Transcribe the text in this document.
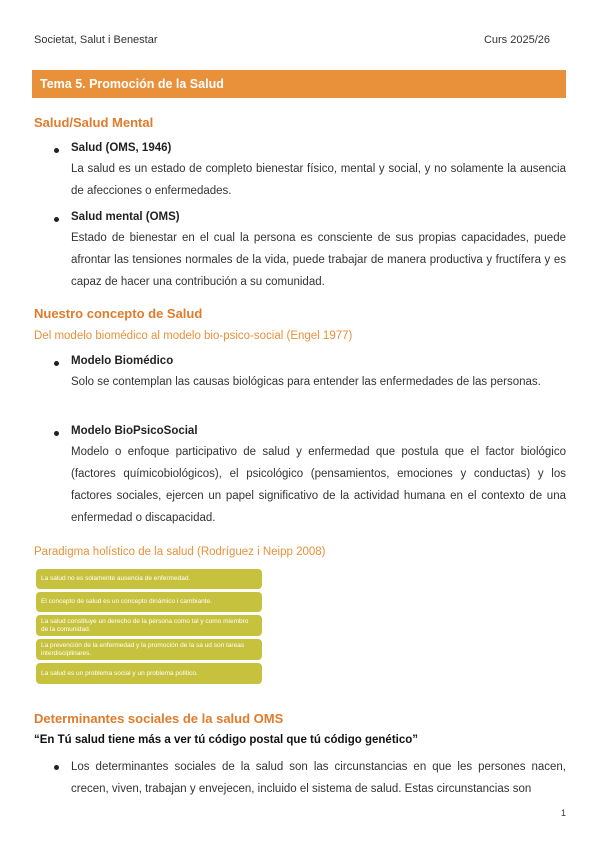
Societat, Salut i Benestar	Curs 2025/26
Tema 5. Promoción de la Salud
Salud/Salud Mental
Salud (OMS, 1946)
La salud es un estado de completo bienestar físico, mental y social, y no solamente la ausencia de afecciones o enfermedades.
Salud mental (OMS)
Estado de bienestar en el cual la persona es consciente de sus propias capacidades, puede afrontar las tensiones normales de la vida, puede trabajar de manera productiva y fructífera y es capaz de hacer una contribución a su comunidad.
Nuestro concepto de Salud
Del modelo biomédico al modelo bio-psico-social (Engel 1977)
Modelo Biomédico
Solo se contemplan las causas biológicas para entender las enfermedades de las personas.
Modelo BioPsicoSocial
Modelo o enfoque participativo de salud y enfermedad que postula que el factor biológico (factores químicobiológicos), el psicológico (pensamientos, emociones y conductas) y los factores sociales, ejercen un papel significativo de la actividad humana en el contexto de una enfermedad o discapacidad.
Paradigma holístico de la salud (Rodríguez i Neipp 2008)
La salud no es solamente ausencia de enfermedad.
El concepto de salud es un concepto dinámico i cambiante.
La salud constituye un derecho de la persona como tal y como miembro de la comunidad.
La prevención de la enfermedad y la promoción de la sa ud son tareas interdisciplinares.
La salud es un problema social y un problema político.
Determinantes sociales de la salud OMS
“En Tú salud tiene más a ver tú código postal que tú código genético”
Los determinantes sociales de la salud son las circunstancias en que les persones nacen, crecen, viven, trabajan y envejecen, incluido el sistema de salud. Estas circunstancias son
1
